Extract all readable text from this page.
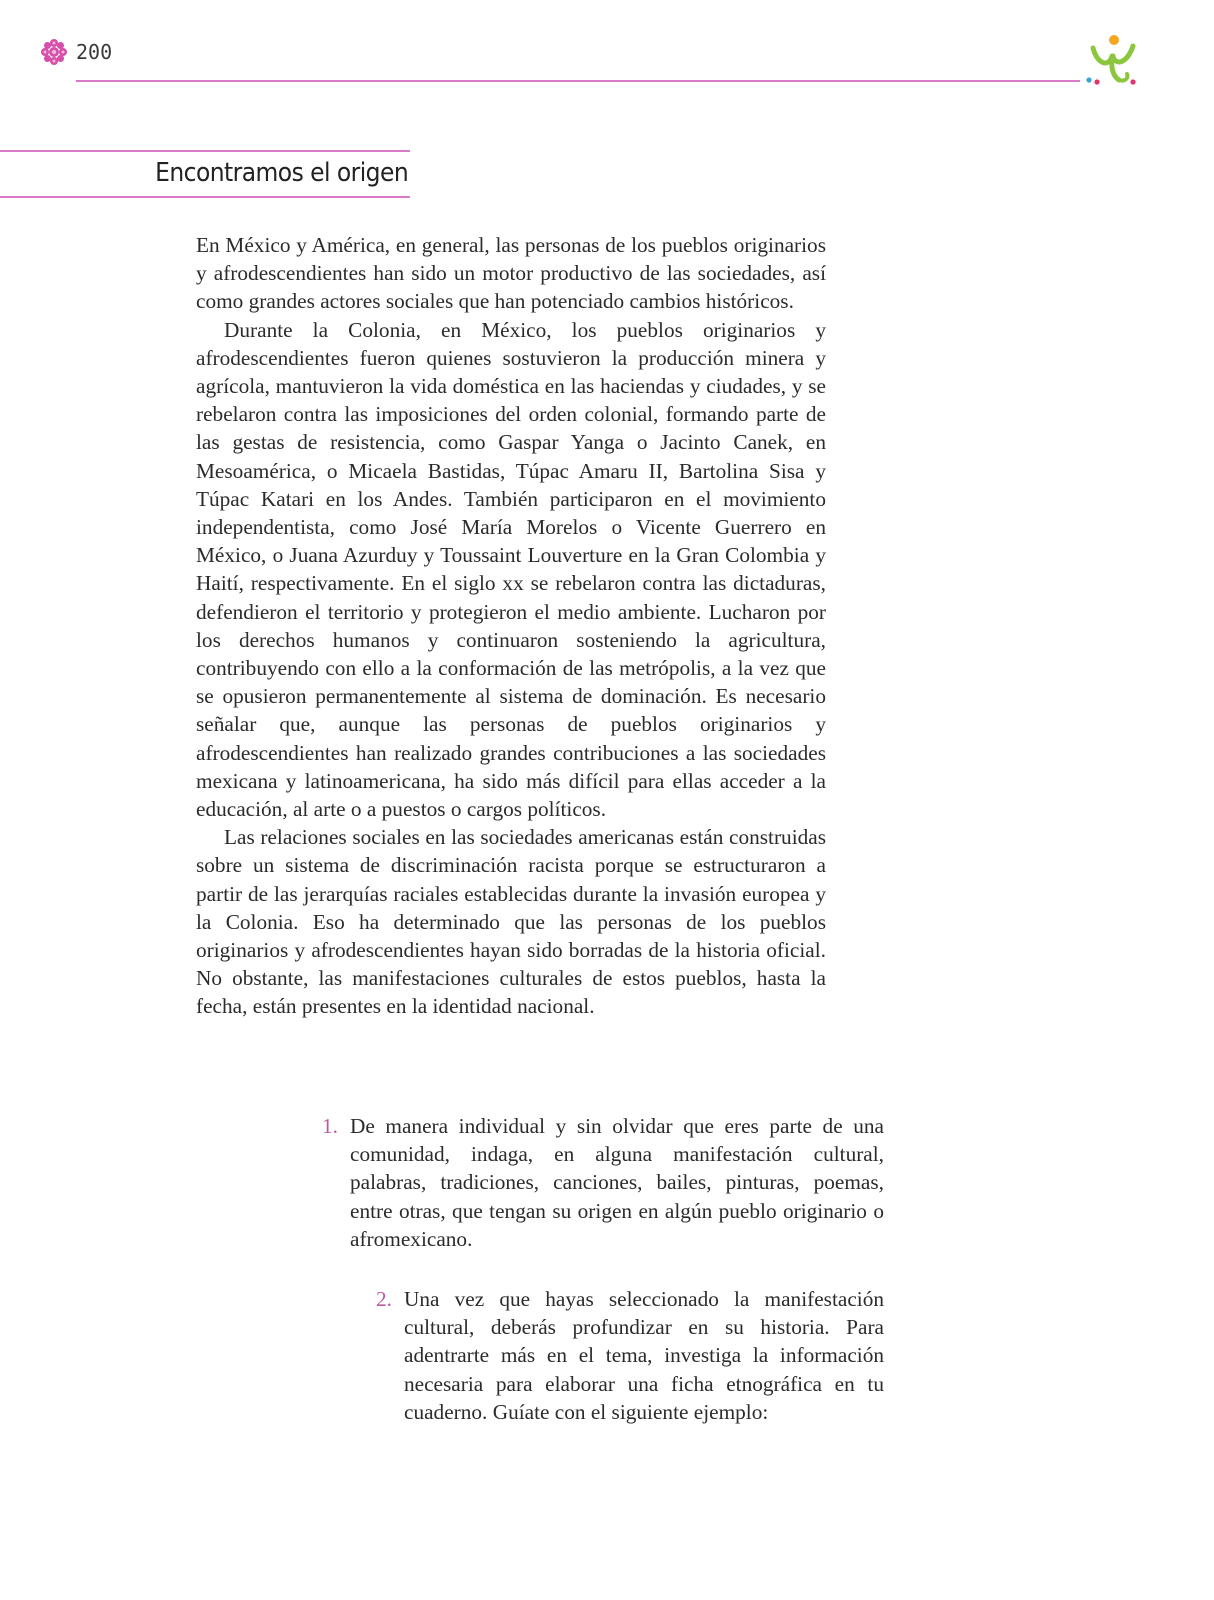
200
Encontramos el origen

En México y América, en general, las personas de los pueblos originarios y afrodescendientes han sido un motor productivo de las sociedades, así como grandes actores sociales que han potenciado cambios históricos.

Durante la Colonia, en México, los pueblos originarios y afrodescendientes fueron quienes sostuvieron la producción minera y agrícola, mantuvieron la vida doméstica en las haciendas y ciudades, y se rebelaron contra las imposiciones del orden colonial, formando parte de las gestas de resistencia, como Gaspar Yanga o Jacinto Canek, en Mesoamérica, o Micaela Bastidas, Túpac Amaru II, Bartolina Sisa y Túpac Katari en los Andes. También participaron en el movimiento independentista, como José María Morelos o Vicente Guerrero en México, o Juana Azurduy y Toussaint Louverture en la Gran Colombia y Haití, respectivamente. En el siglo xx se rebelaron contra las dictaduras, defendieron el territorio y protegieron el medio ambiente. Lucharon por los derechos humanos y continuaron sosteniendo la agricultura, contribuyendo con ello a la conformación de las metrópolis, a la vez que se opusieron permanentemente al sistema de dominación. Es necesario señalar que, aunque las personas de pueblos originarios y afrodescendientes han realizado grandes contribuciones a las sociedades mexicana y latinoamericana, ha sido más difícil para ellas acceder a la educación, al arte o a puestos o cargos políticos.

Las relaciones sociales en las sociedades americanas están construidas sobre un sistema de discriminación racista porque se estructuraron a partir de las jerarquías raciales establecidas durante la invasión europea y la Colonia. Eso ha determinado que las personas de los pueblos originarios y afrodescendientes hayan sido borradas de la historia oficial. No obstante, las manifestaciones culturales de estos pueblos, hasta la fecha, están presentes en la identidad nacional.

1. De manera individual y sin olvidar que eres parte de una comunidad, indaga, en alguna manifestación cultural, palabras, tradiciones, canciones, bailes, pinturas, poemas, entre otras, que tengan su origen en algún pueblo originario o afromexicano.
2. Una vez que hayas seleccionado la manifestación cultural, deberás profundizar en su historia. Para adentrarte más en el tema, investiga la información necesaria para elaborar una ficha etnográfica en tu cuaderno. Guíate con el siguiente ejemplo:
